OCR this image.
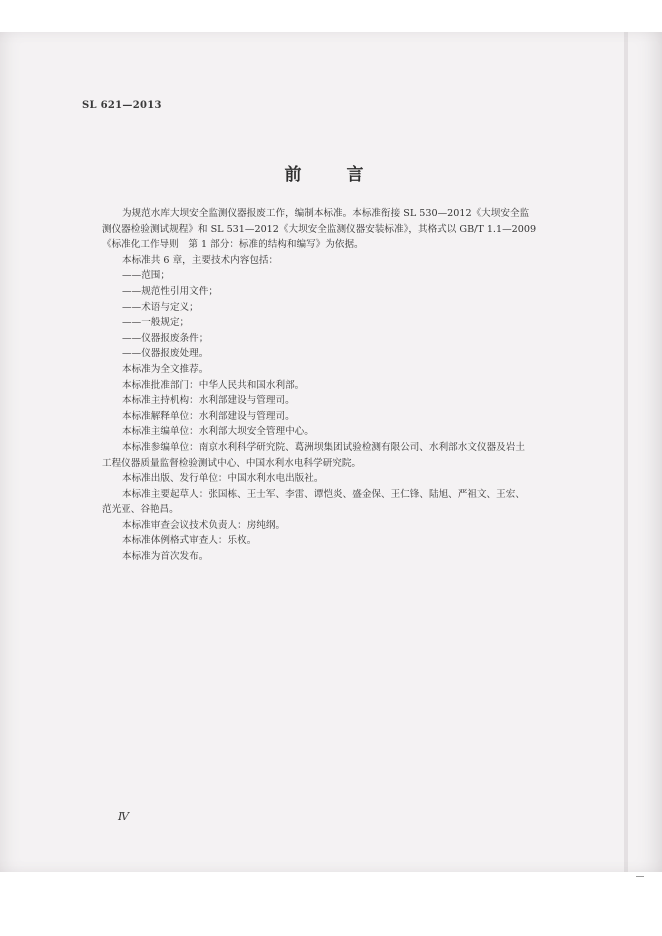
SL 621—2013
前　言
为规范水库大坝安全监测仪器报废工作，编制本标准。本标准衔接 SL 530—2012《大坝安全监
测仪器检验测试规程》和 SL 531—2012《大坝安全监测仪器安装标准》，其格式以 GB/T 1.1—2009
《标准化工作导则　第 1 部分：标准的结构和编写》为依据。
本标准共 6 章，主要技术内容包括：
——范围；
——规范性引用文件；
——术语与定义；
——一般规定；
——仪器报废条件；
——仪器报废处理。
本标准为全文推荐。
本标准批准部门：中华人民共和国水利部。
本标准主持机构：水利部建设与管理司。
本标准解释单位：水利部建设与管理司。
本标准主编单位：水利部大坝安全管理中心。
本标准参编单位：南京水利科学研究院、葛洲坝集团试验检测有限公司、水利部水文仪器及岩土
工程仪器质量监督检验测试中心、中国水利水电科学研究院。
本标准出版、发行单位：中国水利水电出版社。
本标准主要起草人：张国栋、王士军、李雷、谭恺炎、盛金保、王仁锋、陆旭、严祖文、王宏、
范光亚、谷艳昌。
本标准审查会议技术负责人：房纯纲。
本标准体例格式审查人：乐枚。
本标准为首次发布。
Ⅳ
